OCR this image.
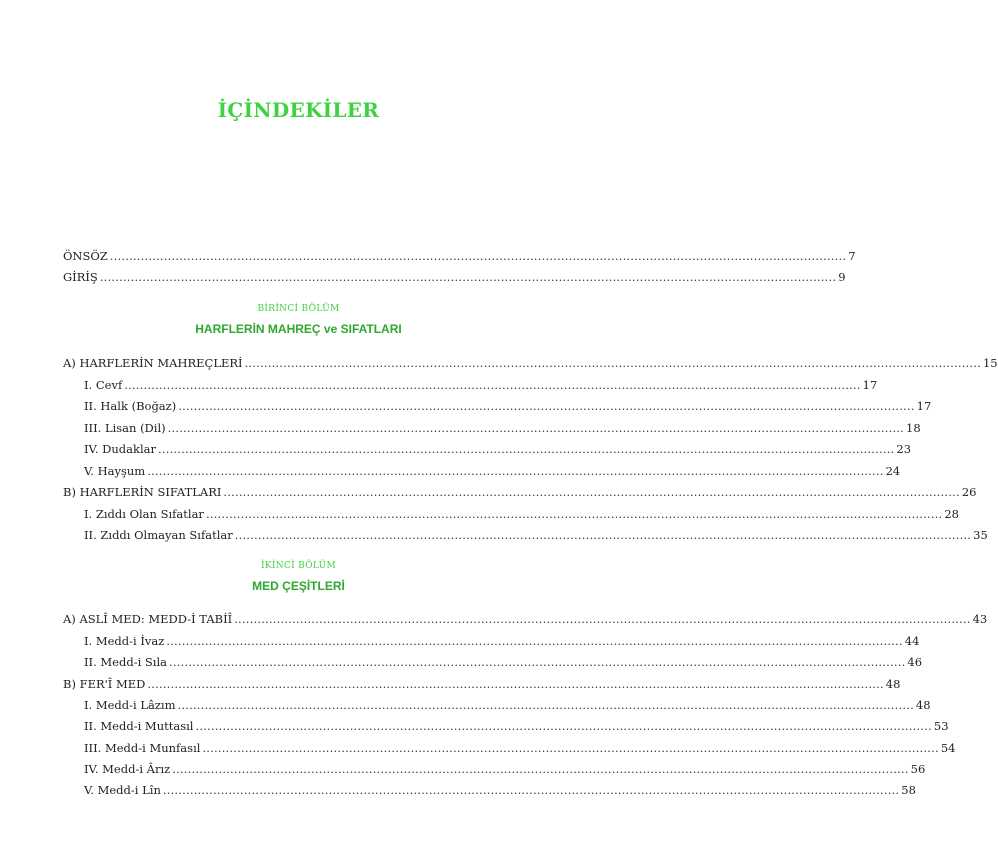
İÇİNDEKİLER
ÖNSÖZ ............................................................................................................................................................................................... 7
GİRİŞ ............................................................................................................................................................................................... 9
BİRİNCİ BÖLÜM
HARFLERİN MAHREÇ ve SIFATLARI
A) HARFLERİN MAHREÇLERİ ............................................................................................................................................................................................... 15
I. Cevf ............................................................................................................................................................................................... 17
II. Halk (Boğaz) ............................................................................................................................................................................................... 17
III. Lisan (Dil) ............................................................................................................................................................................................... 18
IV. Dudaklar ............................................................................................................................................................................................... 23
V. Hayşum ............................................................................................................................................................................................... 24
B) HARFLERİN SIFATLARI ............................................................................................................................................................................................... 26
I. Zıddı Olan Sıfatlar ............................................................................................................................................................................................... 28
II. Zıddı Olmayan Sıfatlar ............................................................................................................................................................................................... 35
İKİNCİ BÖLÜM
MED ÇEŞİTLERİ
A) ASLÎ MED: MEDD-İ TABİÎ ............................................................................................................................................................................................... 43
I. Medd-i İvaz ............................................................................................................................................................................................... 44
II. Medd-i Sıla ............................................................................................................................................................................................... 46
B) FER'Î MED ............................................................................................................................................................................................... 48
I. Medd-i Lâzım ............................................................................................................................................................................................... 48
II. Medd-i Muttasıl ............................................................................................................................................................................................... 53
III. Medd-i Munfasıl ............................................................................................................................................................................................... 54
IV. Medd-i Ârız ............................................................................................................................................................................................... 56
V. Medd-i Lîn ............................................................................................................................................................................................... 58
